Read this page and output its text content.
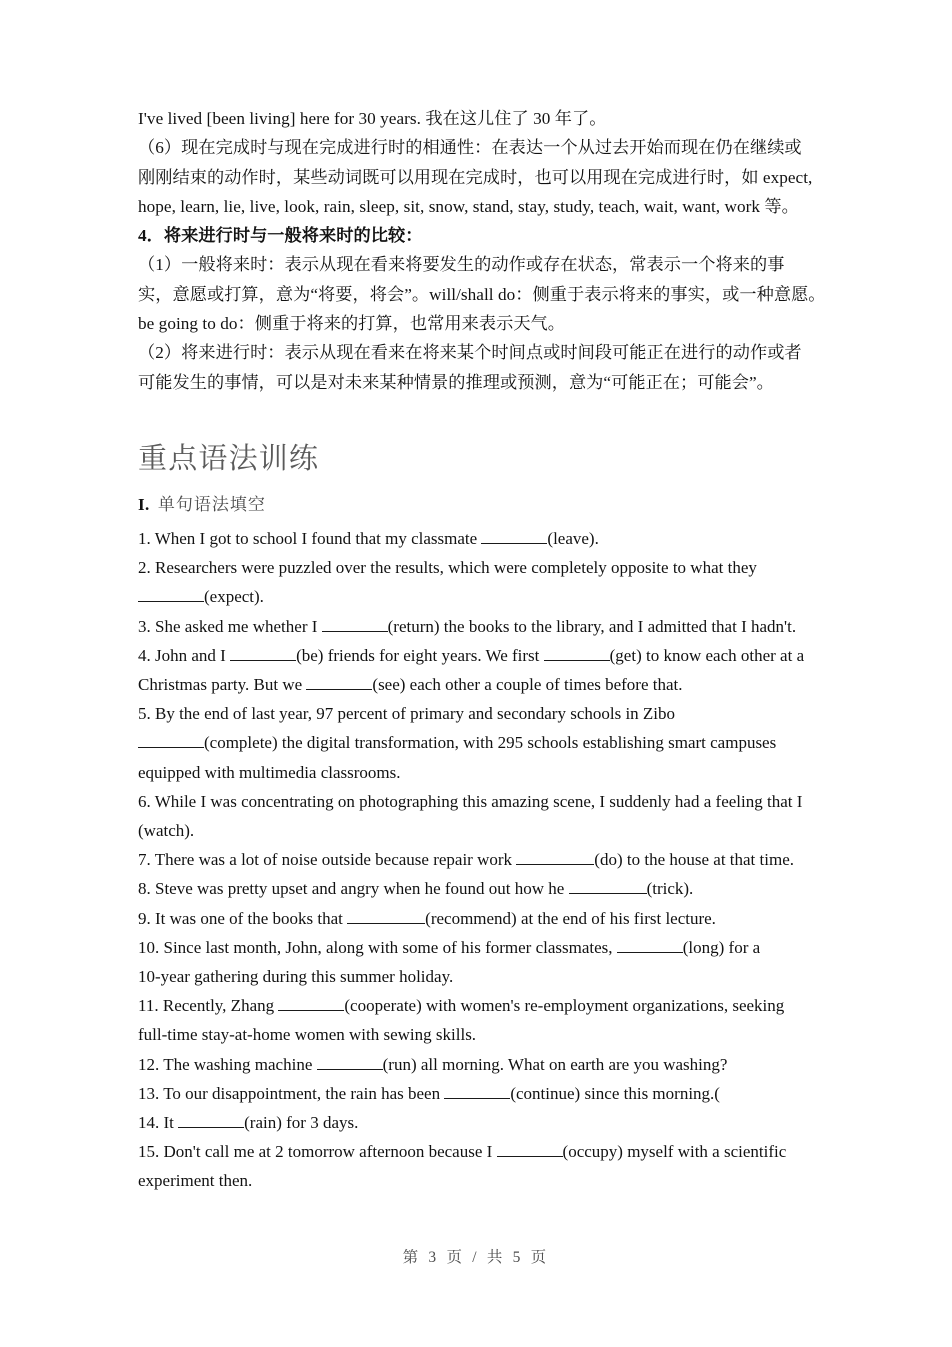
I've lived [been living] here for 30 years. 我在这儿住了 30 年了。
（6）现在完成时与现在完成进行时的相通性：在表达一个从过去开始而现在仍在继续或刚刚结束的动作时，某些动词既可以用现在完成时，也可以用现在完成进行时，如 expect, hope, learn, lie, live, look, rain, sleep, sit, snow, stand, stay, study, teach, wait, want, work 等。
4．将来进行时与一般将来时的比较：
（1）一般将来时：表示从现在看来将要发生的动作或存在状态，常表示一个将来的事实，意愿或打算，意为“将要，将会”。will/shall do：侧重于表示将来的事实，或一种意愿。　be going to do：侧重于将来的打算，也常用来表示天气。
（2）将来进行时：表示从现在看来在将来某个时间点或时间段可能正在进行的动作或者可能发生的事情，可以是对未来某种情景的推理或预测，意为“可能正在；可能会”。
重点语法训练
I. 单句语法填空
1. When I got to school I found that my classmate	(leave).
2. Researchers were puzzled over the results, which were completely opposite to what they
(expect).
3. She asked me whether I	(return) the books to the library, and I admitted that I hadn't.
4. John and I	(be) friends for eight years. We first	(get) to know each other at a
Christmas party. But we	(see) each other a couple of times before that.
5. By the end of last year, 97 percent of primary and secondary schools in Zibo
(complete) the digital transformation, with 295 schools establishing smart campuses
equipped with multimedia classrooms.
6. While I was concentrating on photographing this amazing scene, I suddenly had a feeling that I
(watch).
7. There was a lot of noise outside because repair work	(do) to the house at that time.
8. Steve was pretty upset and angry when he found out how he	(trick).
9. It was one of the books that	(recommend) at the end of his first lecture.
10. Since last month, John, along with some of his former classmates,	(long) for a
10-year gathering during this summer holiday.
11. Recently, Zhang	(cooperate) with women's re-employment organizations, seeking
full-time stay-at-home women with sewing skills.
12. The washing machine	(run) all morning. What on earth are you washing?
13. To our disappointment, the rain has been	(continue) since this morning.(
14. It	(rain) for 3 days.
15. Don't call me at 2 tomorrow afternoon because I	(occupy) myself with a scientific
experiment then.
第 3 页 / 共 5 页
